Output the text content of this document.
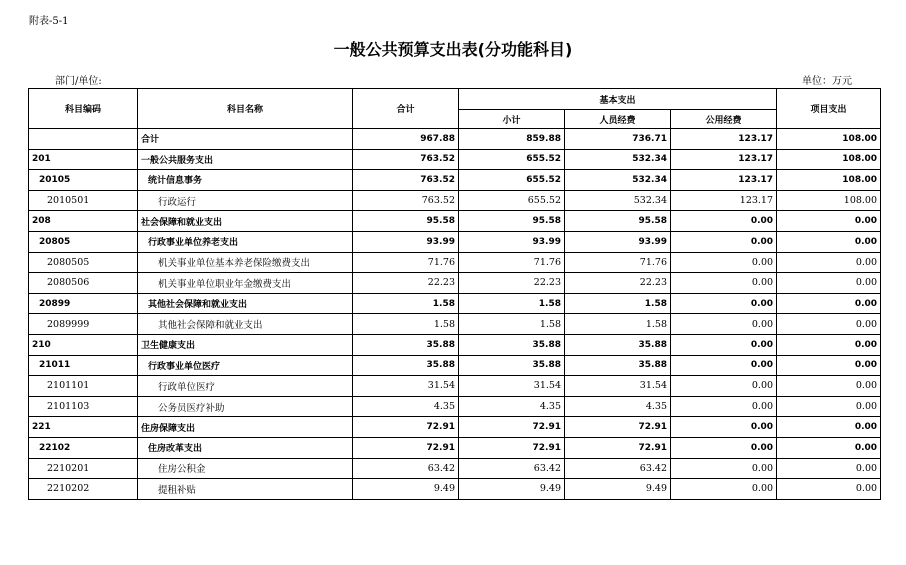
附表-5-1
一般公共预算支出表(分功能科目)
部门/单位:	单位：万元
科目编码	科目名称	合计	基本支出			项目支出
			小计	人员经费	公用经费	
	合计	967.88	859.88	736.71	123.17	108.00
201	一般公共服务支出	763.52	655.52	532.34	123.17	108.00
20105	统计信息事务	763.52	655.52	532.34	123.17	108.00
2010501	行政运行	763.52	655.52	532.34	123.17	108.00
208	社会保障和就业支出	95.58	95.58	95.58	0.00	0.00
20805	行政事业单位养老支出	93.99	93.99	93.99	0.00	0.00
2080505	机关事业单位基本养老保险缴费支出	71.76	71.76	71.76	0.00	0.00
2080506	机关事业单位职业年金缴费支出	22.23	22.23	22.23	0.00	0.00
20899	其他社会保障和就业支出	1.58	1.58	1.58	0.00	0.00
2089999	其他社会保障和就业支出	1.58	1.58	1.58	0.00	0.00
210	卫生健康支出	35.88	35.88	35.88	0.00	0.00
21011	行政事业单位医疗	35.88	35.88	35.88	0.00	0.00
2101101	行政单位医疗	31.54	31.54	31.54	0.00	0.00
2101103	公务员医疗补助	4.35	4.35	4.35	0.00	0.00
221	住房保障支出	72.91	72.91	72.91	0.00	0.00
22102	住房改革支出	72.91	72.91	72.91	0.00	0.00
2210201	住房公积金	63.42	63.42	63.42	0.00	0.00
2210202	提租补贴	9.49	9.49	9.49	0.00	0.00
